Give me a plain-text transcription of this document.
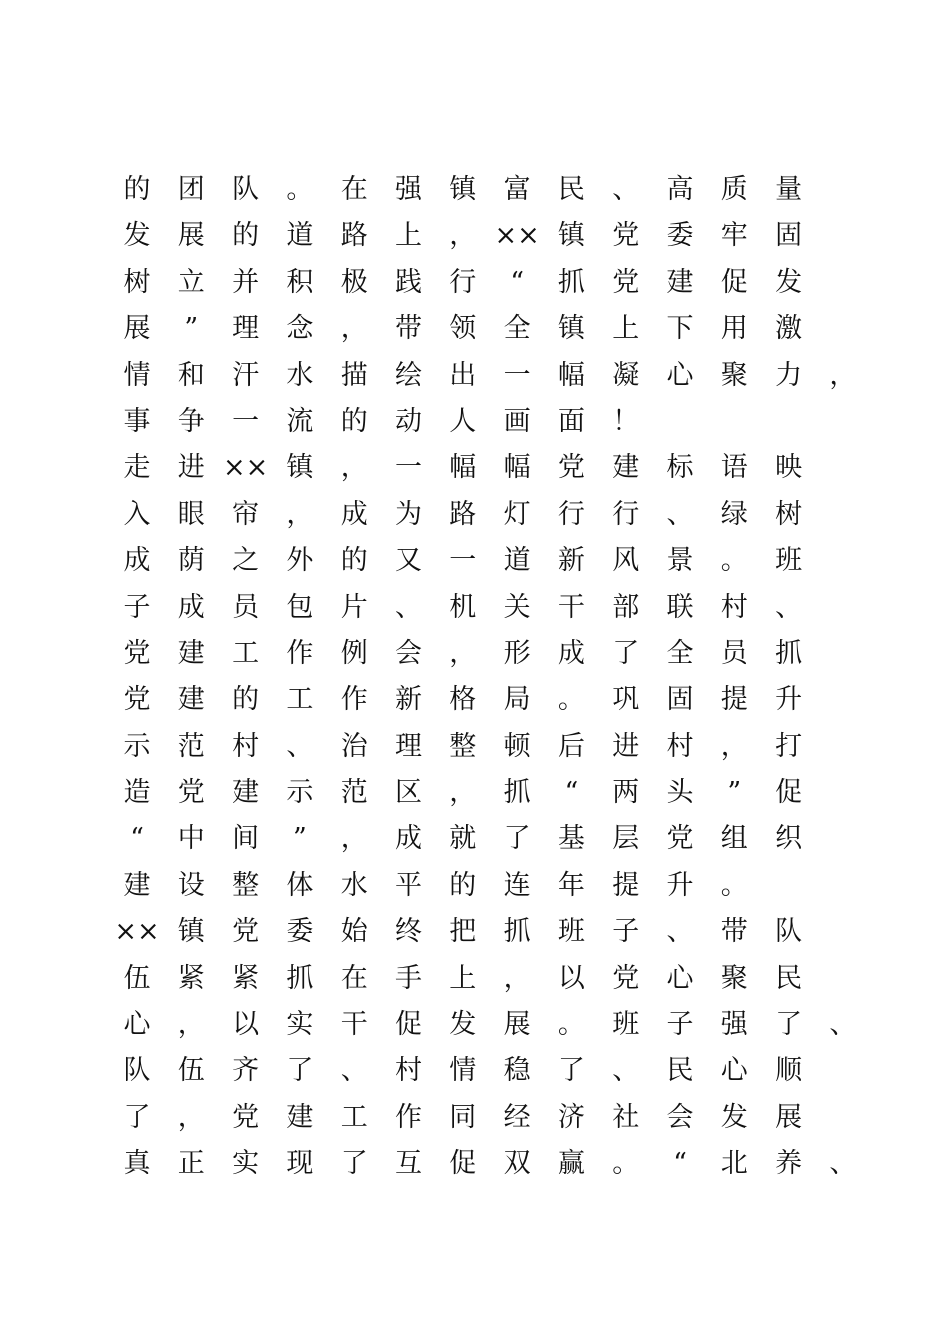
的	团	队	。	在	强	镇	富	民	、	高	质	量
发	展	的	道	路	上	， ×× 镇	党	委	牢	固
树	立	并	积	极	践	行	“	抓	党	建	促	发
展	”	理	念	，	带	领	全	镇	上	下	用	激
情	和	汗	水	描	绘	出	一	幅	凝	心	聚	力	，
事	争	一	流	的	动	人	画	面	！
走	进 ×× 镇	，	一	幅	幅	党	建	标	语	映
入	眼	帘	，	成	为	路	灯	行	行	、	绿	树
成	荫	之	外	的	又	一	道	新	风	景	。	班
子	成	员	包	片	、	机	关	干	部	联	村	、
党	建	工	作	例	会	，	形	成	了	全	员	抓
党	建	的	工	作	新	格	局	。	巩	固	提	升
示	范	村	、	治	理	整	顿	后	进	村	，	打
造	党	建	示	范	区	，	抓	“	两	头	”	促
“	中	间	”	，	成	就	了	基	层	党	组	织
建	设	整	体	水	平	的	连	年	提	升	。
×× 镇	党	委	始	终	把	抓	班	子	、	带	队
伍	紧	紧	抓	在	手	上	，	以	党	心	聚	民
心	，	以	实	干	促	发	展	。	班	子	强	了	、
队	伍	齐	了	、	村	情	稳	了	、	民	心	顺
了	，	党	建	工	作	同	经	济	社	会	发	展
真	正	实	现	了	互	促	双	赢	。	“	北	养	、
